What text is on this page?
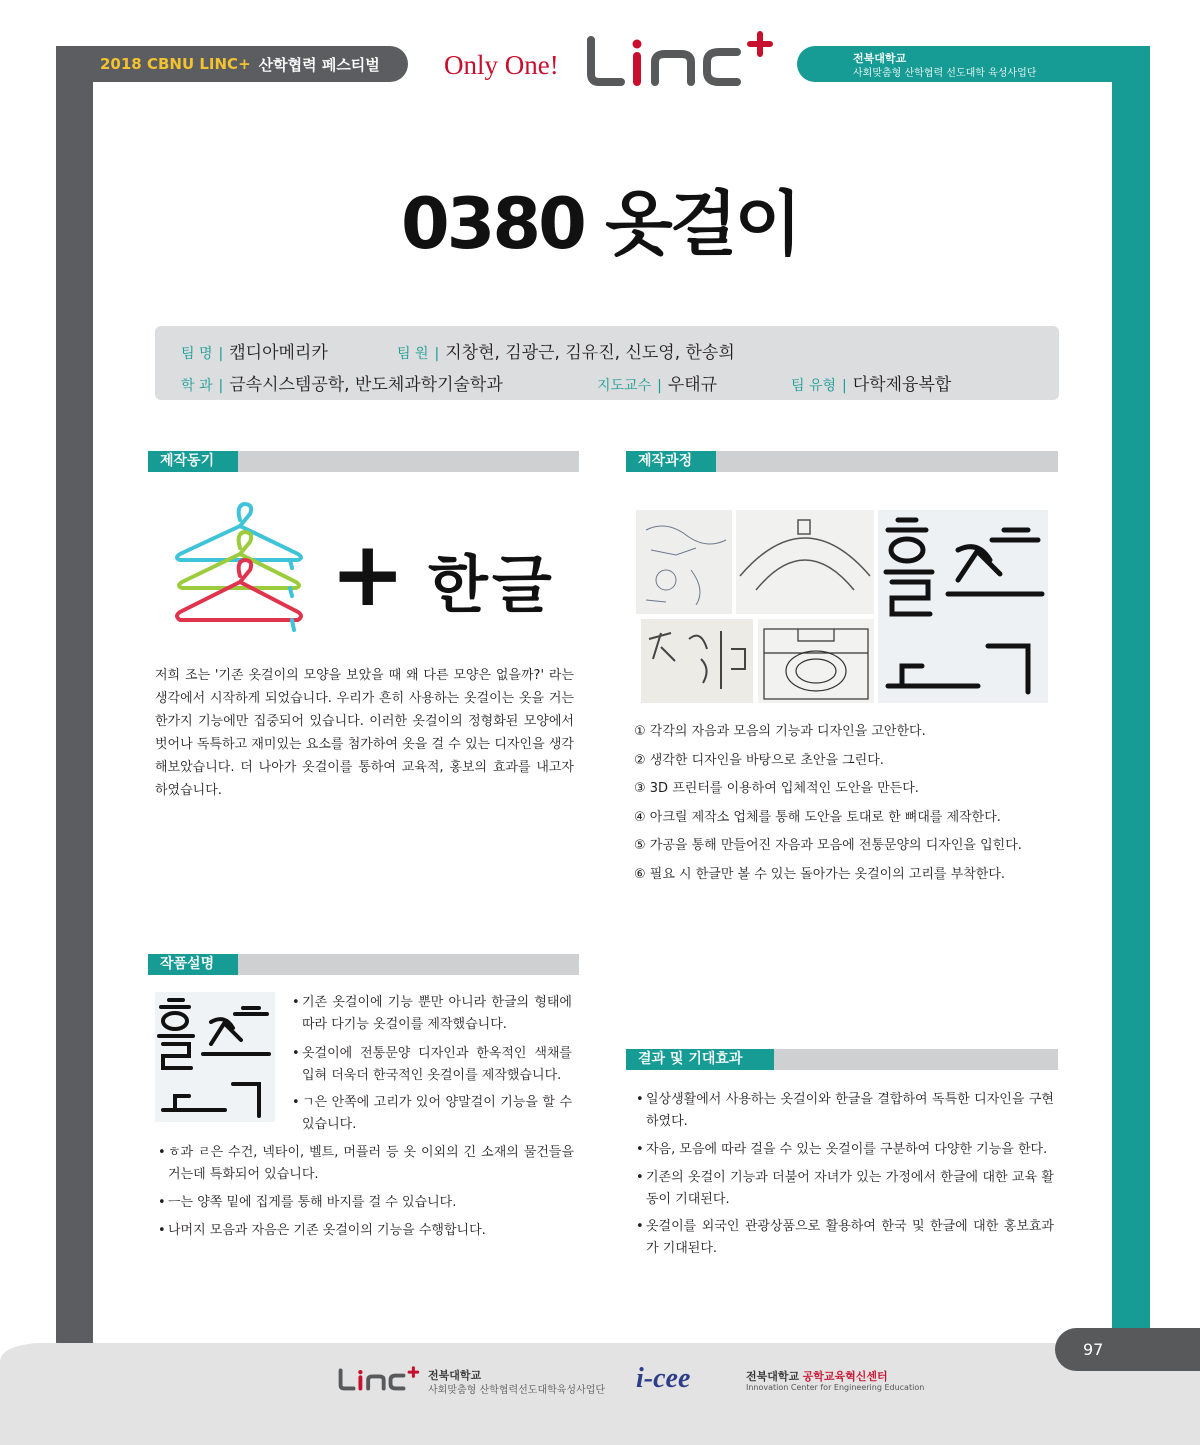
2018 CBNU LINC+ 산학협력 페스티벌 Only One!	전북대학교
사회맞춤형 산학협력 선도대학 육성사업단
0380 옷걸이
팀 명 | 캡디아메리카	팀 원 | 지창현, 김광근, 김유진, 신도영, 한송희
학 과 | 금속시스템공학, 반도체과학기술학과	지도교수 | 우태규	팀 유형 | 다학제융복합
제작동기
+ 한글
저희 조는 '기존 옷걸이의 모양을 보았을 때 왜 다른 모양은 없을까?' 라는 생각에서 시작하게 되었습니다. 우리가 흔히 사용하는 옷걸이는 옷을 거는 한가지 기능에만 집중되어 있습니다. 이러한 옷걸이의 정형화된 모양에서 벗어나 독특하고 재미있는 요소를 첨가하여 옷을 걸 수 있는 디자인을 생각해보았습니다. 더 나아가 옷걸이를 통하여 교육적, 홍보의 효과를 내고자 하였습니다.
제작과정
① 각각의 자음과 모음의 기능과 디자인을 고안한다.
② 생각한 디자인을 바탕으로 초안을 그린다.
③ 3D 프린터를 이용하여 입체적인 도안을 만든다.
④ 아크릴 제작소 업체를 통해 도안을 토대로 한 뼈대를 제작한다.
⑤ 가공을 통해 만들어진 자음과 모음에 전통문양의 디자인을 입힌다.
⑥ 필요 시 한글만 볼 수 있는 돌아가는 옷걸이의 고리를 부착한다.
작품설명
• 기존 옷걸이에 기능 뿐만 아니라 한글의 형태에 따라 다기능 옷걸이를 제작했습니다.
• 옷걸이에 전통문양 디자인과 한옥적인 색채를 입혀 더욱더 한국적인 옷걸이를 제작했습니다.
• ㄱ은 안쪽에 고리가 있어 양말걸이 기능을 할 수 있습니다.
• ㅎ과 ㄹ은 수건, 넥타이, 벨트, 머플러 등 옷 이외의 긴 소재의 물건들을 거는데 특화되어 있습니다.
• ㅡ는 양쪽 밑에 집게를 통해 바지를 걸 수 있습니다.
• 나머지 모음과 자음은 기존 옷걸이의 기능을 수행합니다.
결과 및 기대효과
• 일상생활에서 사용하는 옷걸이와 한글을 결합하여 독특한 디자인을 구현하였다.
• 자음, 모음에 따라 걸을 수 있는 옷걸이를 구분하여 다양한 기능을 한다.
• 기존의 옷걸이 기능과 더불어 자녀가 있는 가정에서 한글에 대한 교육 활동이 기대된다.
• 옷걸이를 외국인 관광상품으로 활용하여 한국 및 한글에 대한 홍보효과가 기대된다.
전북대학교
사회맞춤형 산학협력선도대학육성사업단 i-cee	전북대학교 공학교육혁신센터
Innovation Center for Engineering Education
97
